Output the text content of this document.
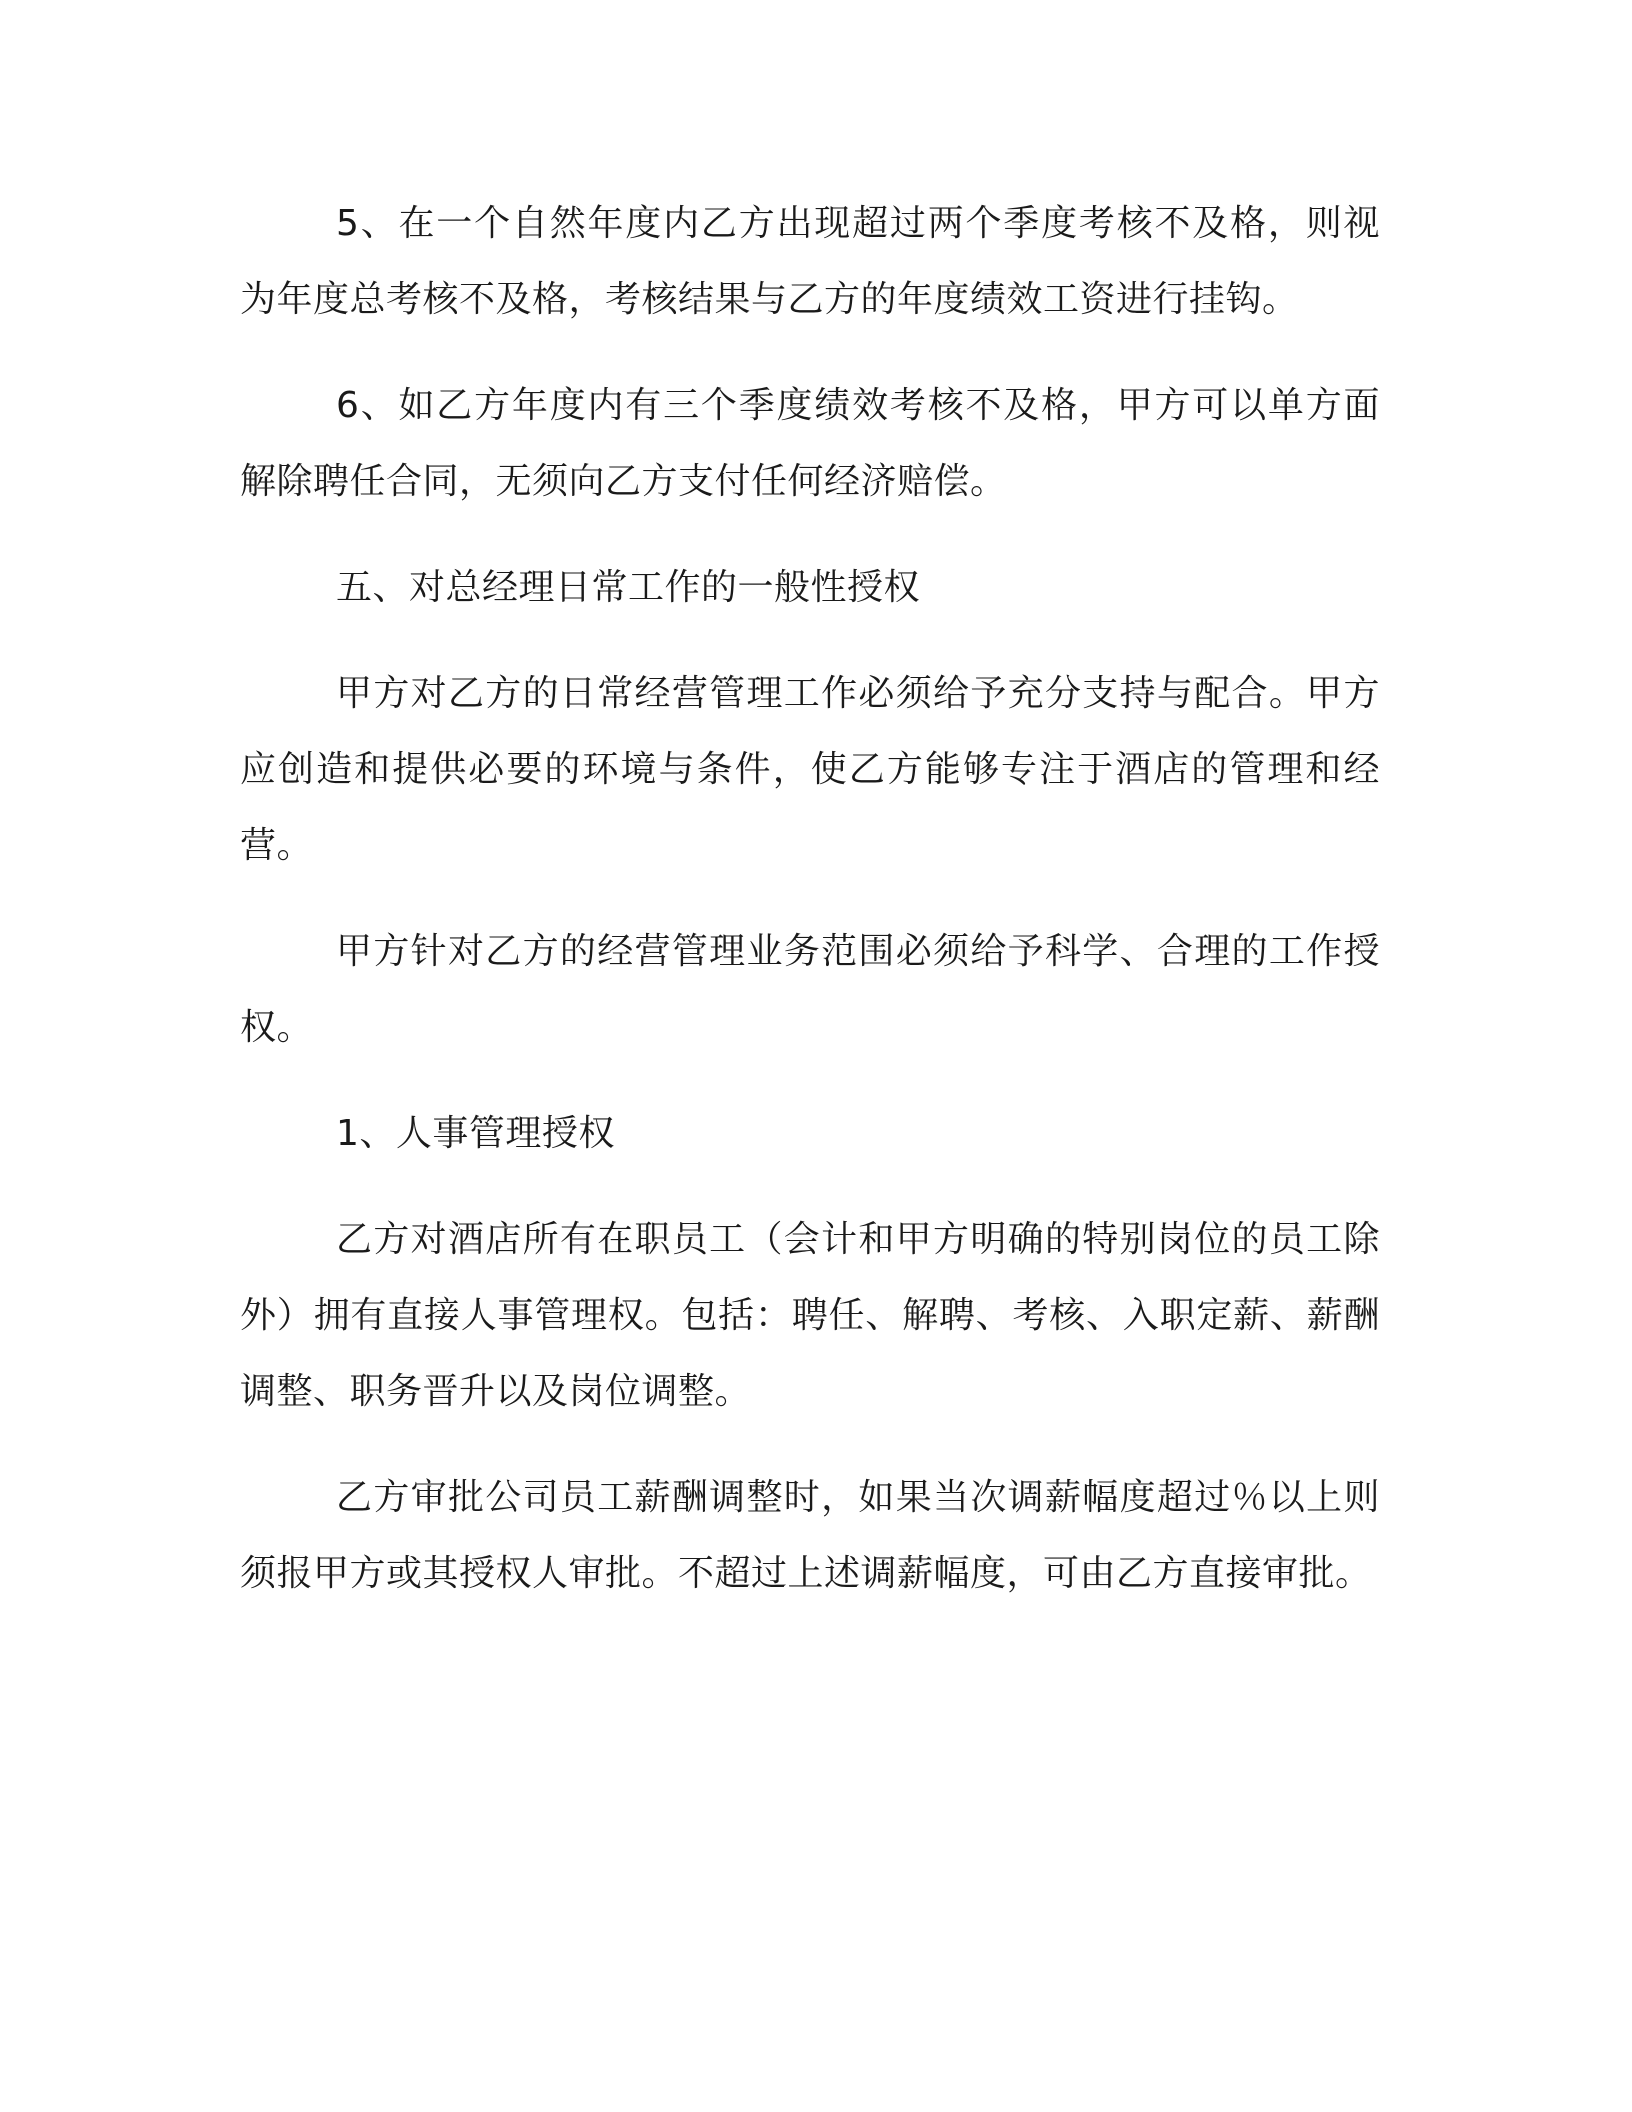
5、在一个自然年度内乙方出现超过两个季度考核不及格，则视为年度总考核不及格，考核结果与乙方的年度绩效工资进行挂钩。

6、如乙方年度内有三个季度绩效考核不及格，甲方可以单方面解除聘任合同，无须向乙方支付任何经济赔偿。

五、对总经理日常工作的一般性授权

甲方对乙方的日常经营管理工作必须给予充分支持与配合。甲方应创造和提供必要的环境与条件，使乙方能够专注于酒店的管理和经营。

甲方针对乙方的经营管理业务范围必须给予科学、合理的工作授权。

1、人事管理授权

乙方对酒店所有在职员工（会计和甲方明确的特别岗位的员工除外）拥有直接人事管理权。包括：聘任、解聘、考核、入职定薪、薪酬调整、职务晋升以及岗位调整。

乙方审批公司员工薪酬调整时，如果当次调薪幅度超过％以上则须报甲方或其授权人审批。不超过上述调薪幅度，可由乙方直接审批。
